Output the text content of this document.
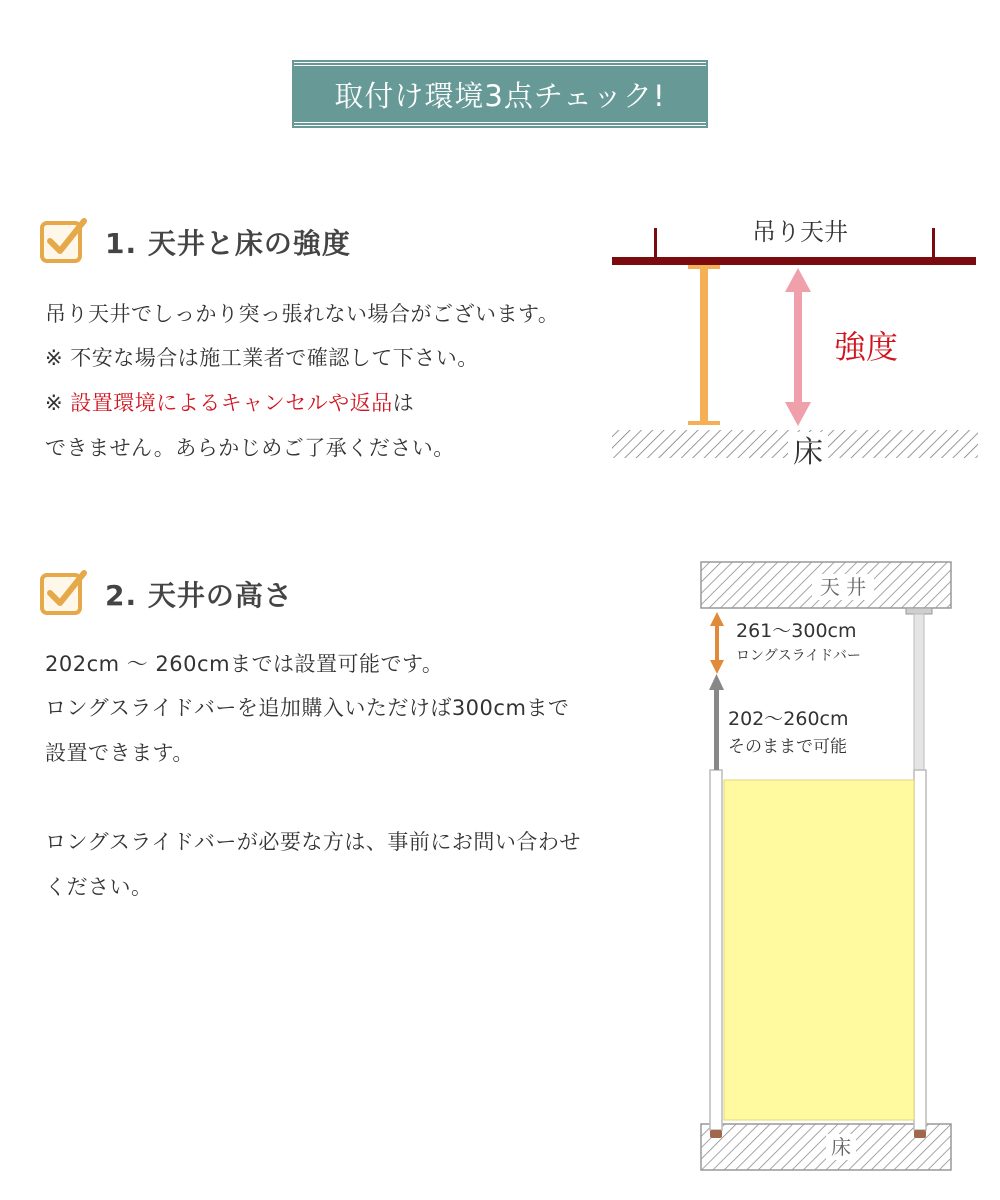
取付け環境3点チェック!
1. 天井と床の強度
吊り天井でしっかり突っ張れない場合がございます。
※ 不安な場合は施工業者で確認して下さい。
※ 設置環境によるキャンセルや返品は
できません。あらかじめご了承ください。
吊り天井
強度
床
2. 天井の高さ
202cm 〜 260cmまでは設置可能です。
ロングスライドバーを追加購入いただけば300cmまで
設置できます。
ロングスライドバーが必要な方は、事前にお問い合わせ
ください。
天 井
床
261〜300cm
ロングスライドバー
202〜260cm
そのままで可能
